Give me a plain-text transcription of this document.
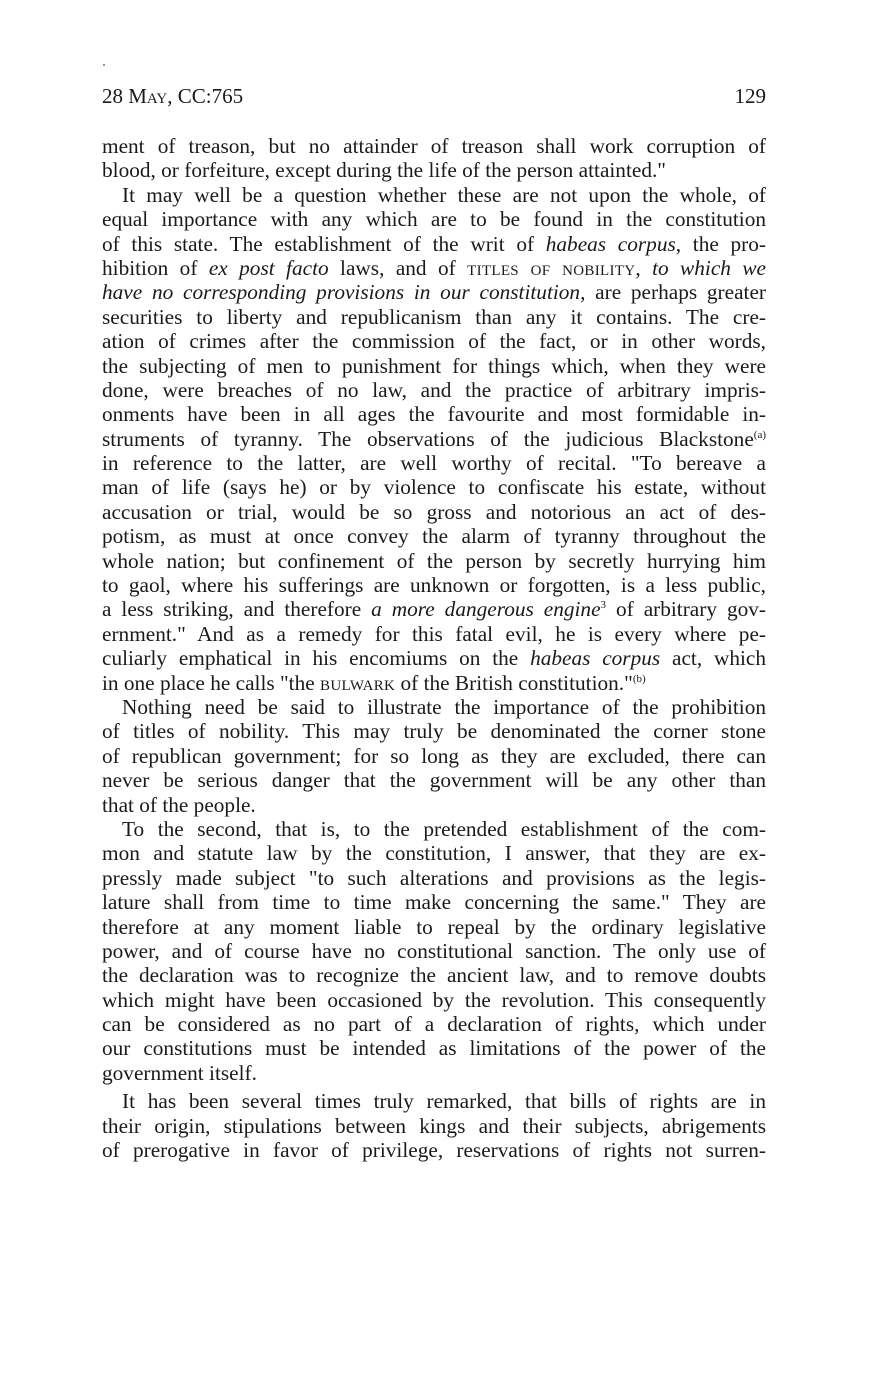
28 May, CC:765	129
ment of treason, but no attainder of treason shall work corruption of
blood, or forfeiture, except during the life of the person attainted."
It may well be a question whether these are not upon the whole, of
equal importance with any which are to be found in the constitution
of this state. The establishment of the writ of habeas corpus, the pro-
hibition of ex post facto laws, and of titles of nobility, to which we
have no corresponding provisions in our constitution, are perhaps greater
securities to liberty and republicanism than any it contains. The cre-
ation of crimes after the commission of the fact, or in other words,
the subjecting of men to punishment for things which, when they were
done, were breaches of no law, and the practice of arbitrary impris-
onments have been in all ages the favourite and most formidable in-
struments of tyranny. The observations of the judicious Blackstone$^{(a)}$
in reference to the latter, are well worthy of recital. "To bereave a
man of life (says he) or by violence to confiscate his estate, without
accusation or trial, would be so gross and notorious an act of des-
potism, as must at once convey the alarm of tyranny throughout the
whole nation; but confinement of the person by secretly hurrying him
to gaol, where his sufferings are unknown or forgotten, is a less public,
a less striking, and therefore a more dangerous engine$^3$ of arbitrary gov-
ernment." And as a remedy for this fatal evil, he is every where pe-
culiarly emphatical in his encomiums on the habeas corpus act, which
in one place he calls "the bulwark of the British constitution."$^{(b)}$
Nothing need be said to illustrate the importance of the prohibition
of titles of nobility. This may truly be denominated the corner stone
of republican government; for so long as they are excluded, there can
never be serious danger that the government will be any other than
that of the people.
To the second, that is, to the pretended establishment of the com-
mon and statute law by the constitution, I answer, that they are ex-
pressly made subject "to such alterations and provisions as the legis-
lature shall from time to time make concerning the same." They are
therefore at any moment liable to repeal by the ordinary legislative
power, and of course have no constitutional sanction. The only use of
the declaration was to recognize the ancient law, and to remove doubts
which might have been occasioned by the revolution. This consequently
can be considered as no part of a declaration of rights, which under
our constitutions must be intended as limitations of the power of the
government itself.
It has been several times truly remarked, that bills of rights are in
their origin, stipulations between kings and their subjects, abrigements
of prerogative in favor of privilege, reservations of rights not surren-
